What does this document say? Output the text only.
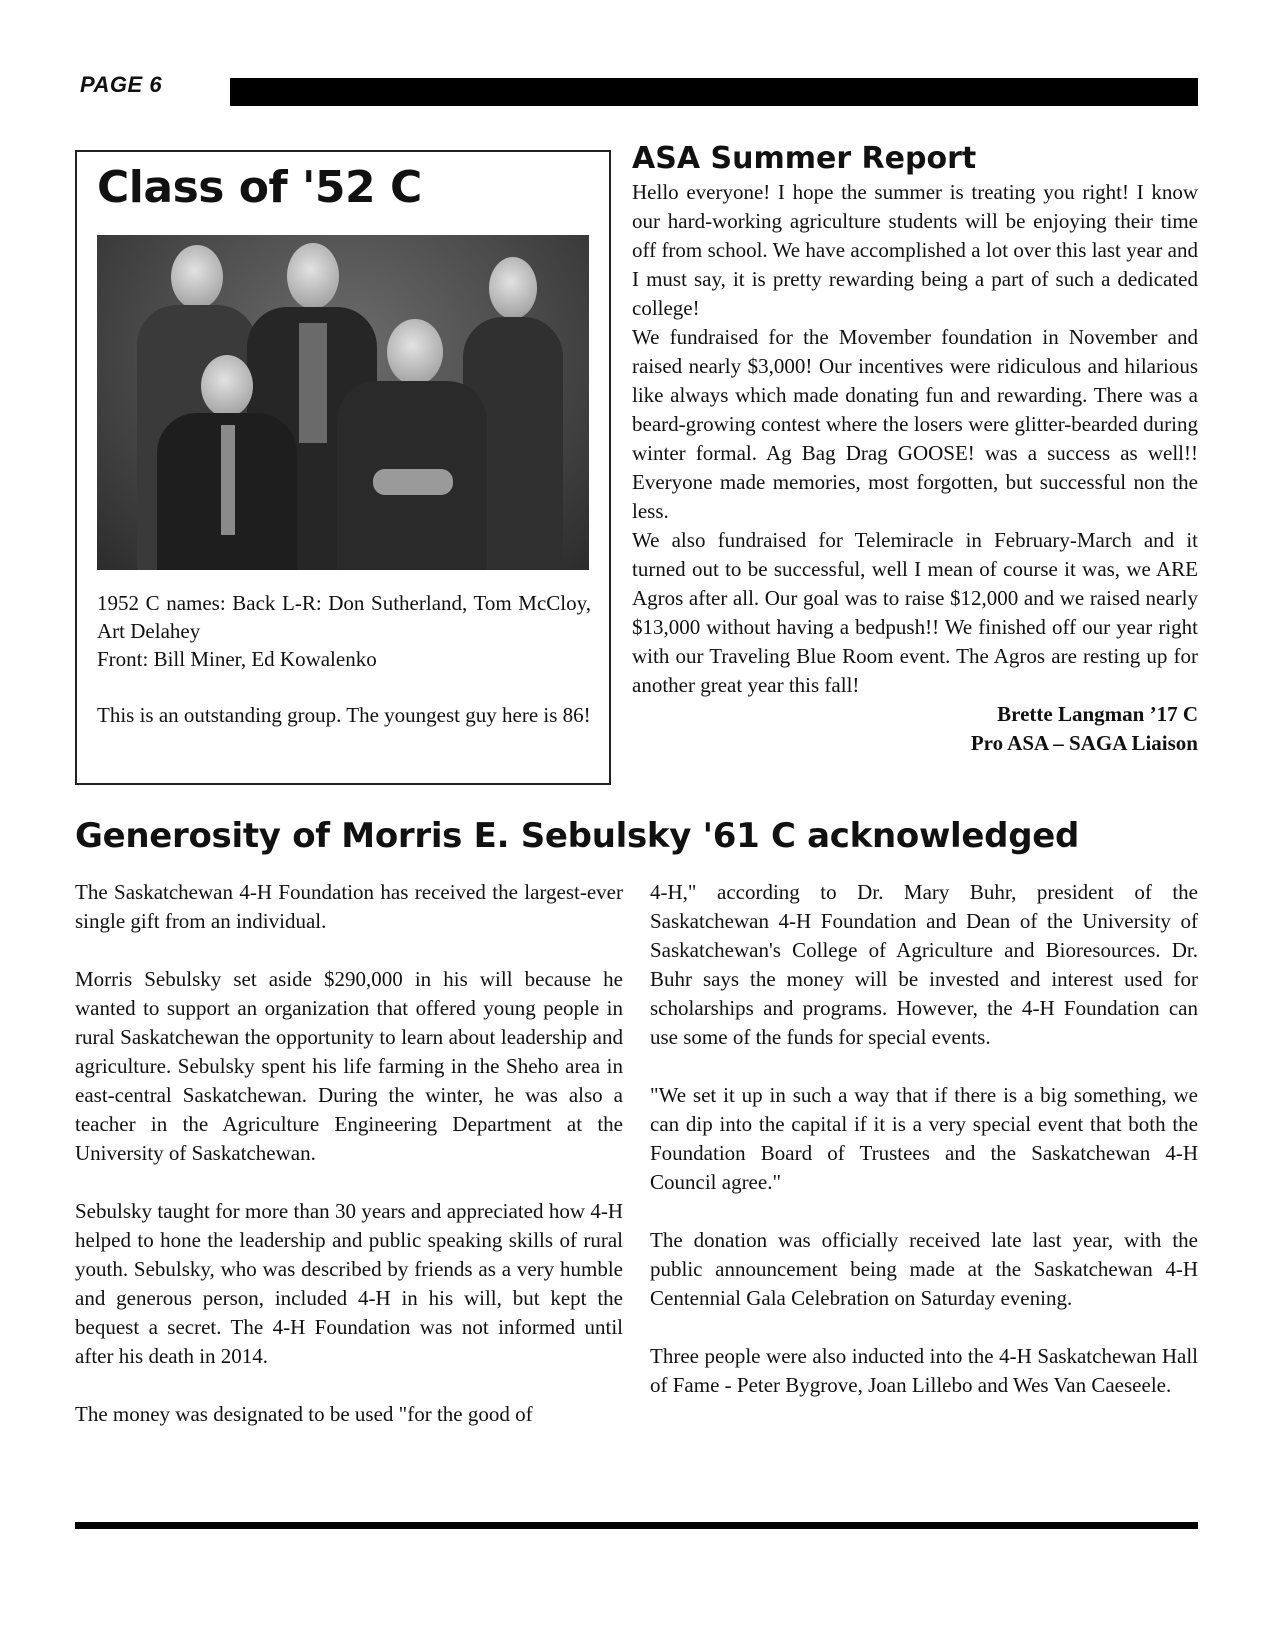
PAGE 6
Class of '52 C

1952 C names: Back L-R: Don Sutherland, Tom McCloy, Art Delahey

Front: Bill Miner, Ed Kowalenko

This is an outstanding group. The youngest guy here is 86!

ASA Summer Report

Hello everyone! I hope the summer is treating you right! I know our hard-working agriculture students will be enjoying their time off from school. We have accomplished a lot over this last year and I must say, it is pretty rewarding being a part of such a dedicated college!

We fundraised for the Movember foundation in November and raised nearly $3,000! Our incentives were ridiculous and hilarious like always which made donating fun and rewarding. There was a beard-growing contest where the losers were glitter-bearded during winter formal. Ag Bag Drag GOOSE! was a success as well!! Everyone made memories, most forgotten, but successful non the less.

We also fundraised for Telemiracle in February-March and it turned out to be successful, well I mean of course it was, we ARE Agros after all. Our goal was to raise $12,000 and we raised nearly $13,000 without having a bedpush!! We finished off our year right with our Traveling Blue Room event. The Agros are resting up for another great year this fall!

Brette Langman ’17 C
Pro ASA – SAGA Liaison
Generosity of Morris E. Sebulsky '61 C acknowledged

The Saskatchewan 4-H Foundation has received the largest-ever single gift from an individual.

Morris Sebulsky set aside $290,000 in his will because he wanted to support an organization that offered young people in rural Saskatchewan the opportunity to learn about leadership and agriculture. Sebulsky spent his life farming in the Sheho area in east-central Saskatchewan. During the winter, he was also a teacher in the Agriculture Engineering Department at the University of Saskatchewan.

Sebulsky taught for more than 30 years and appreciated how 4-H helped to hone the leadership and public speaking skills of rural youth. Sebulsky, who was described by friends as a very humble and generous person, included 4-H in his will, but kept the bequest a secret. The 4-H Foundation was not informed until after his death in 2014.

The money was designated to be used "for the good of

4-H," according to Dr. Mary Buhr, president of the Saskatchewan 4-H Foundation and Dean of the University of Saskatchewan's College of Agriculture and Bioresources. Dr. Buhr says the money will be invested and interest used for scholarships and programs. However, the 4-H Foundation can use some of the funds for special events.

"We set it up in such a way that if there is a big something, we can dip into the capital if it is a very special event that both the Foundation Board of Trustees and the Saskatchewan 4-H Council agree."

The donation was officially received late last year, with the public announcement being made at the Saskatchewan 4-H Centennial Gala Celebration on Saturday evening.

Three people were also inducted into the 4-H Saskatchewan Hall of Fame - Peter Bygrove, Joan Lillebo and Wes Van Caeseele.
